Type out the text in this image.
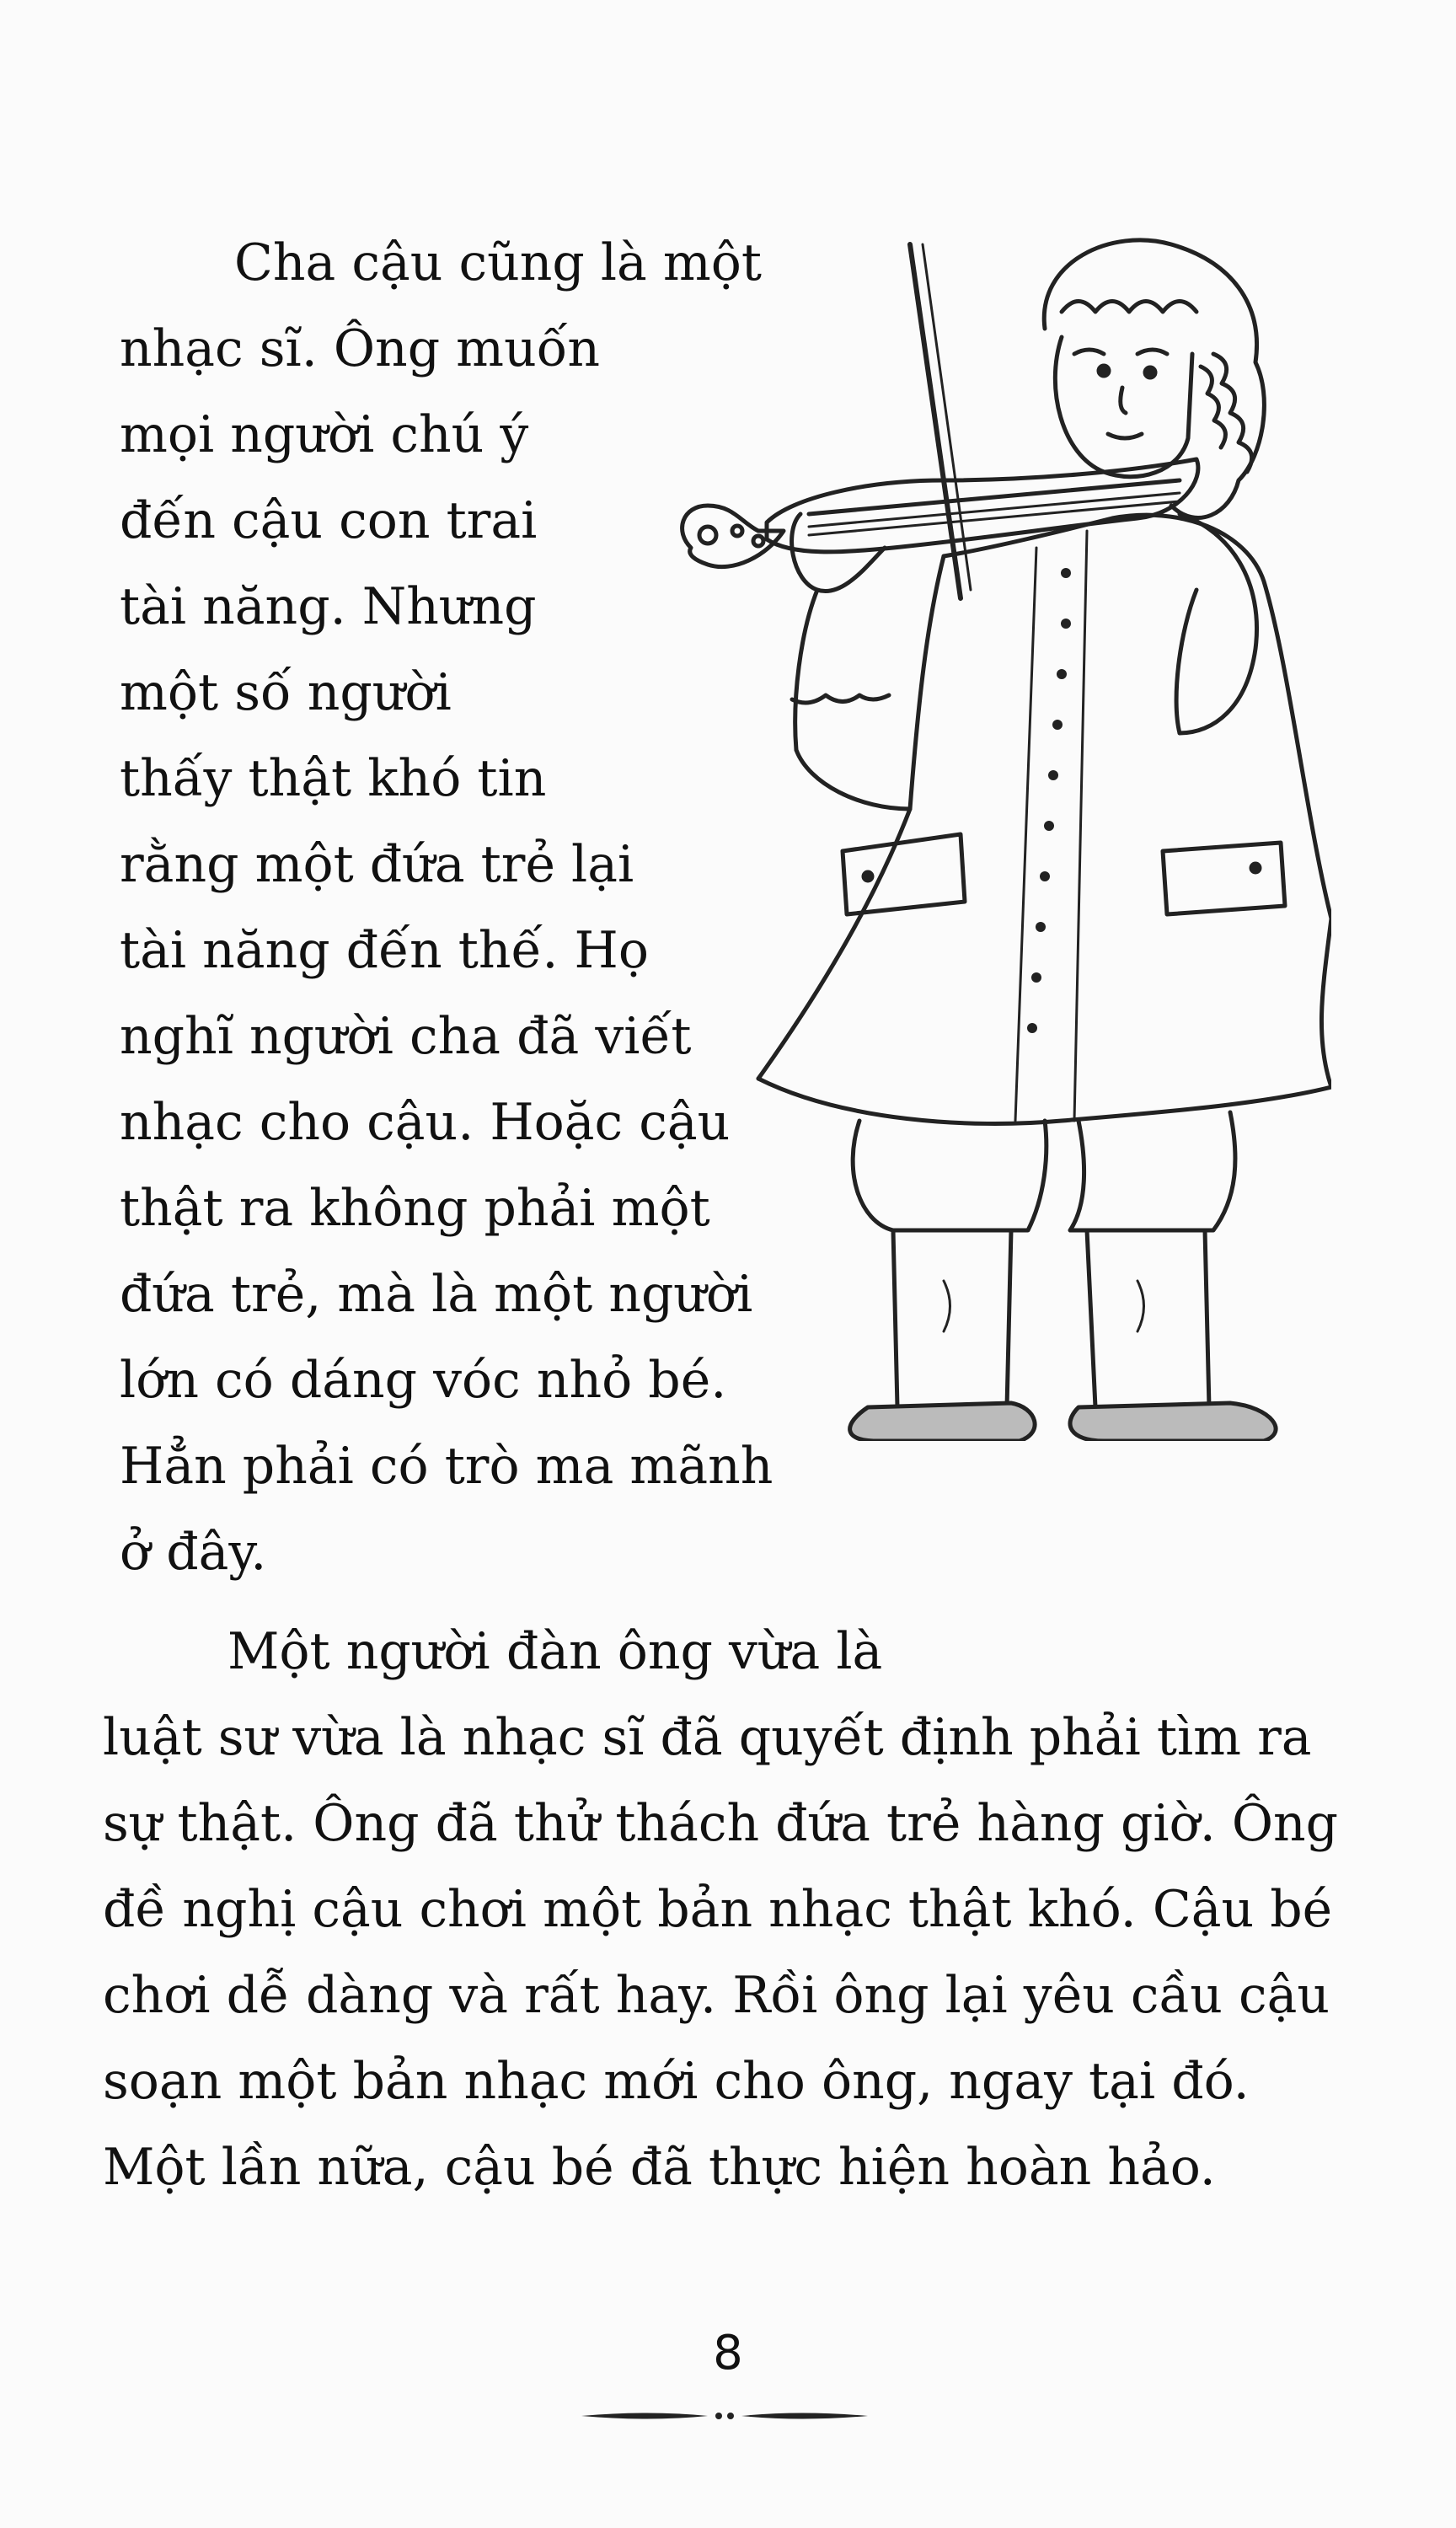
Cha cậu cũng là một
nhạc sĩ. Ông muốn
mọi người chú ý
đến cậu con trai
tài năng. Nhưng
một số người
thấy thật khó tin
rằng một đứa trẻ lại
tài năng đến thế. Họ
nghĩ người cha đã viết
nhạc cho cậu. Hoặc cậu
thật ra không phải một
đứa trẻ, mà là một người
lớn có dáng vóc nhỏ bé.
Hẳn phải có trò ma mãnh
ở đây.
Một người đàn ông vừa là
luật sư vừa là nhạc sĩ đã quyết định phải tìm ra
sự thật. Ông đã thử thách đứa trẻ hàng giờ. Ông
đề nghị cậu chơi một bản nhạc thật khó. Cậu bé
chơi dễ dàng và rất hay. Rồi ông lại yêu cầu cậu
soạn một bản nhạc mới cho ông, ngay tại đó.
Một lần nữa, cậu bé đã thực hiện hoàn hảo.
8
